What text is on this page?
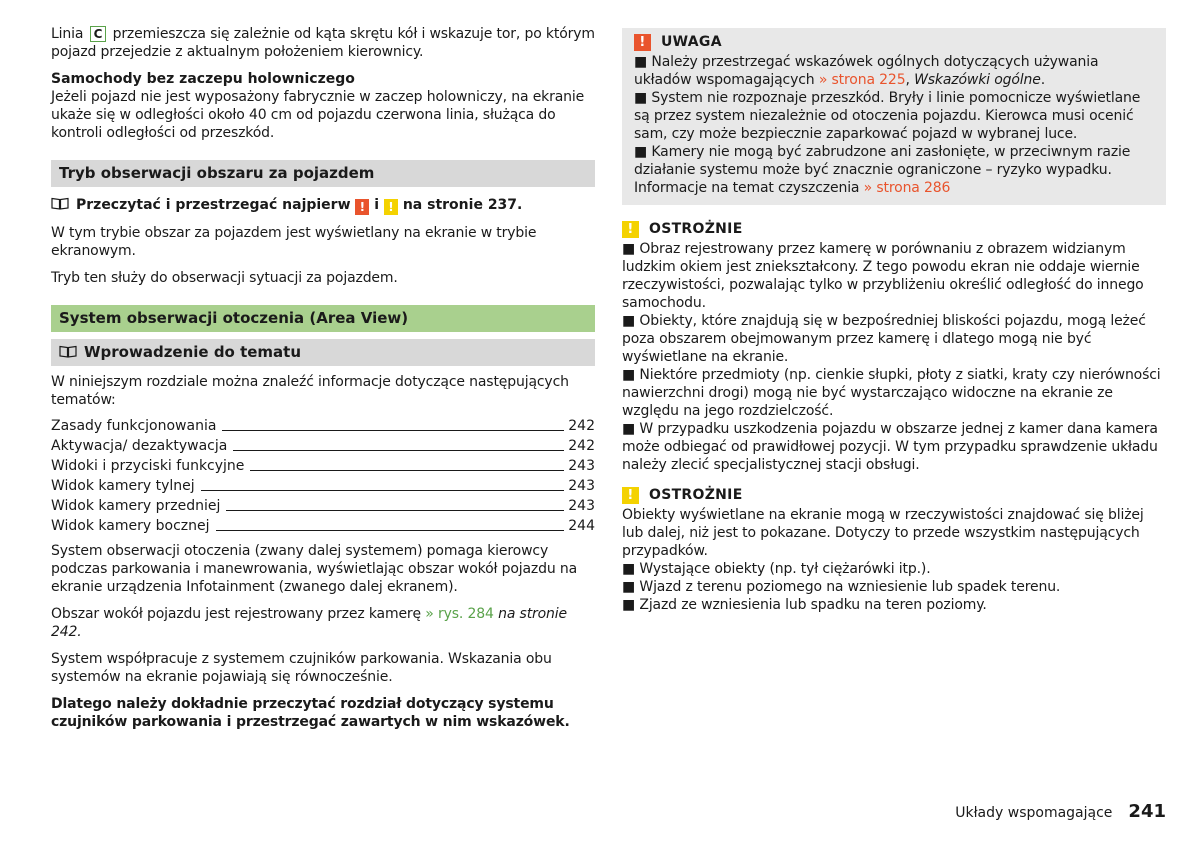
Linia C przemieszcza się zależnie od kąta skrętu kół i wskazuje tor, po którym pojazd przejedzie z aktualnym położeniem kierownicy.

Samochody bez zaczepu holowniczego

Jeżeli pojazd nie jest wyposażony fabrycznie w zaczep holowniczy, na ekranie ukaże się w odległości około 40 cm od pojazdu czerwona linia, służąca do kontroli odległości od przeszkód.

Tryb obserwacji obszaru za pojazdem

Przeczytać i przestrzegać najpierw ! i ! na stronie 237.

W tym trybie obszar za pojazdem jest wyświetlany na ekranie w trybie ekranowym.

Tryb ten służy do obserwacji sytuacji za pojazdem.

System obserwacji otoczenia (Area View)
Wprowadzenie do tematu

W niniejszym rozdziale można znaleźć informacje dotyczące następujących tematów:

Zasady funkcjonowania	242
Aktywacja/ dezaktywacja	242
Widoki i przyciski funkcyjne	243
Widok kamery tylnej	243
Widok kamery przedniej	243
Widok kamery bocznej	244

System obserwacji otoczenia (zwany dalej systemem) pomaga kierowcy podczas parkowania i manewrowania, wyświetlając obszar wokół pojazdu na ekranie urządzenia Infotainment (zwanego dalej ekranem).

Obszar wokół pojazdu jest rejestrowany przez kamerę » rys. 284 na stronie 242.

System współpracuje z systemem czujników parkowania. Wskazania obu systemów na ekranie pojawiają się równocześnie.

Dlatego należy dokładnie przeczytać rozdział dotyczący systemu czujników parkowania i przestrzegać zawartych w nim wskazówek.

!	UWAGA

■ Należy przestrzegać wskazówek ogólnych dotyczących używania układów wspomagających » strona 225, Wskazówki ogólne.

■ System nie rozpoznaje przeszkód. Bryły i linie pomocnicze wyświetlane są przez system niezależnie od otoczenia pojazdu. Kierowca musi ocenić sam, czy może bezpiecznie zaparkować pojazd w wybranej luce.

■ Kamery nie mogą być zabrudzone ani zasłonięte, w przeciwnym razie działanie systemu może być znacznie ograniczone – ryzyko wypadku. Informacje na temat czyszczenia » strona 286

!	OSTROŻNIE

■ Obraz rejestrowany przez kamerę w porównaniu z obrazem widzianym ludzkim okiem jest zniekształcony. Z tego powodu ekran nie oddaje wiernie rzeczywistości, pozwalając tylko w przybliżeniu określić odległość do innego samochodu.

■ Obiekty, które znajdują się w bezpośredniej bliskości pojazdu, mogą leżeć poza obszarem obejmowanym przez kamerę i dlatego mogą nie być wyświetlane na ekranie.

■ Niektóre przedmioty (np. cienkie słupki, płoty z siatki, kraty czy nierówności nawierzchni drogi) mogą nie być wystarczająco widoczne na ekranie ze względu na jego rozdzielczość.

■ W przypadku uszkodzenia pojazdu w obszarze jednej z kamer dana kamera może odbiegać od prawidłowej pozycji. W tym przypadku sprawdzenie układu należy zlecić specjalistycznej stacji obsługi.

!	OSTROŻNIE

Obiekty wyświetlane na ekranie mogą w rzeczywistości znajdować się bliżej lub dalej, niż jest to pokazane. Dotyczy to przede wszystkim następujących przypadków.

■ Wystające obiekty (np. tył ciężarówki itp.).

■ Wjazd z terenu poziomego na wzniesienie lub spadek terenu.

■ Zjazd ze wzniesienia lub spadku na teren poziomy.

Układy wspomagające 241
